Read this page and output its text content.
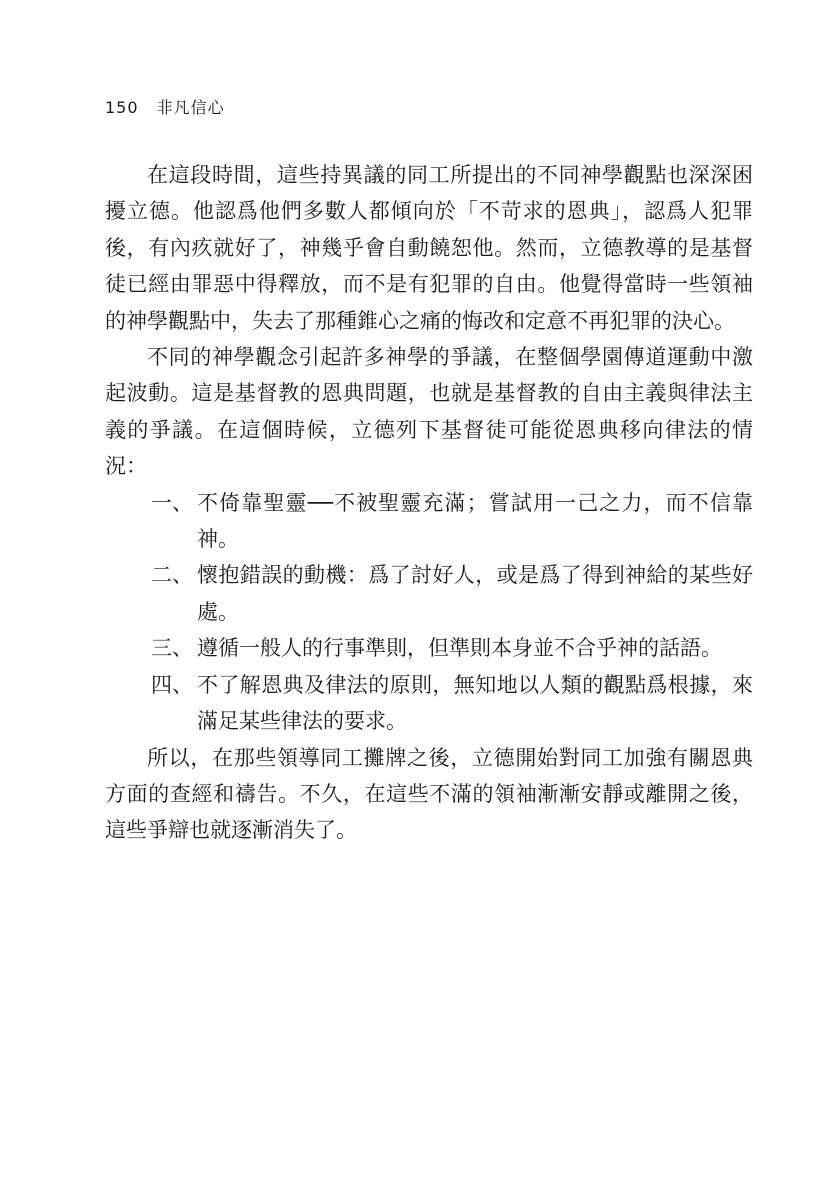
150 非凡信心

在這段時間，這些持異議的同工所提出的不同神學觀點也深深困擾立德。他認爲他們多數人都傾向於「不苛求的恩典」，認爲人犯罪後，有內疚就好了，神幾乎會自動饒恕他。然而，立德教導的是基督徒已經由罪惡中得釋放，而不是有犯罪的自由。他覺得當時一些領袖的神學觀點中，失去了那種錐心之痛的悔改和定意不再犯罪的決心。

不同的神學觀念引起許多神學的爭議，在整個學園傳道運動中激起波動。這是基督教的恩典問題，也就是基督教的自由主義與律法主義的爭議。在這個時候，立德列下基督徒可能從恩典移向律法的情況：

一、 不倚靠聖靈──不被聖靈充滿；嘗試用一己之力，而不信靠神。
二、 懷抱錯誤的動機：爲了討好人，或是爲了得到神給的某些好處。
三、 遵循一般人的行事準則，但準則本身並不合乎神的話語。
四、 不了解恩典及律法的原則，無知地以人類的觀點爲根據，來滿足某些律法的要求。

所以，在那些領導同工攤牌之後，立德開始對同工加強有關恩典方面的查經和禱告。不久，在這些不滿的領袖漸漸安靜或離開之後，這些爭辯也就逐漸消失了。
